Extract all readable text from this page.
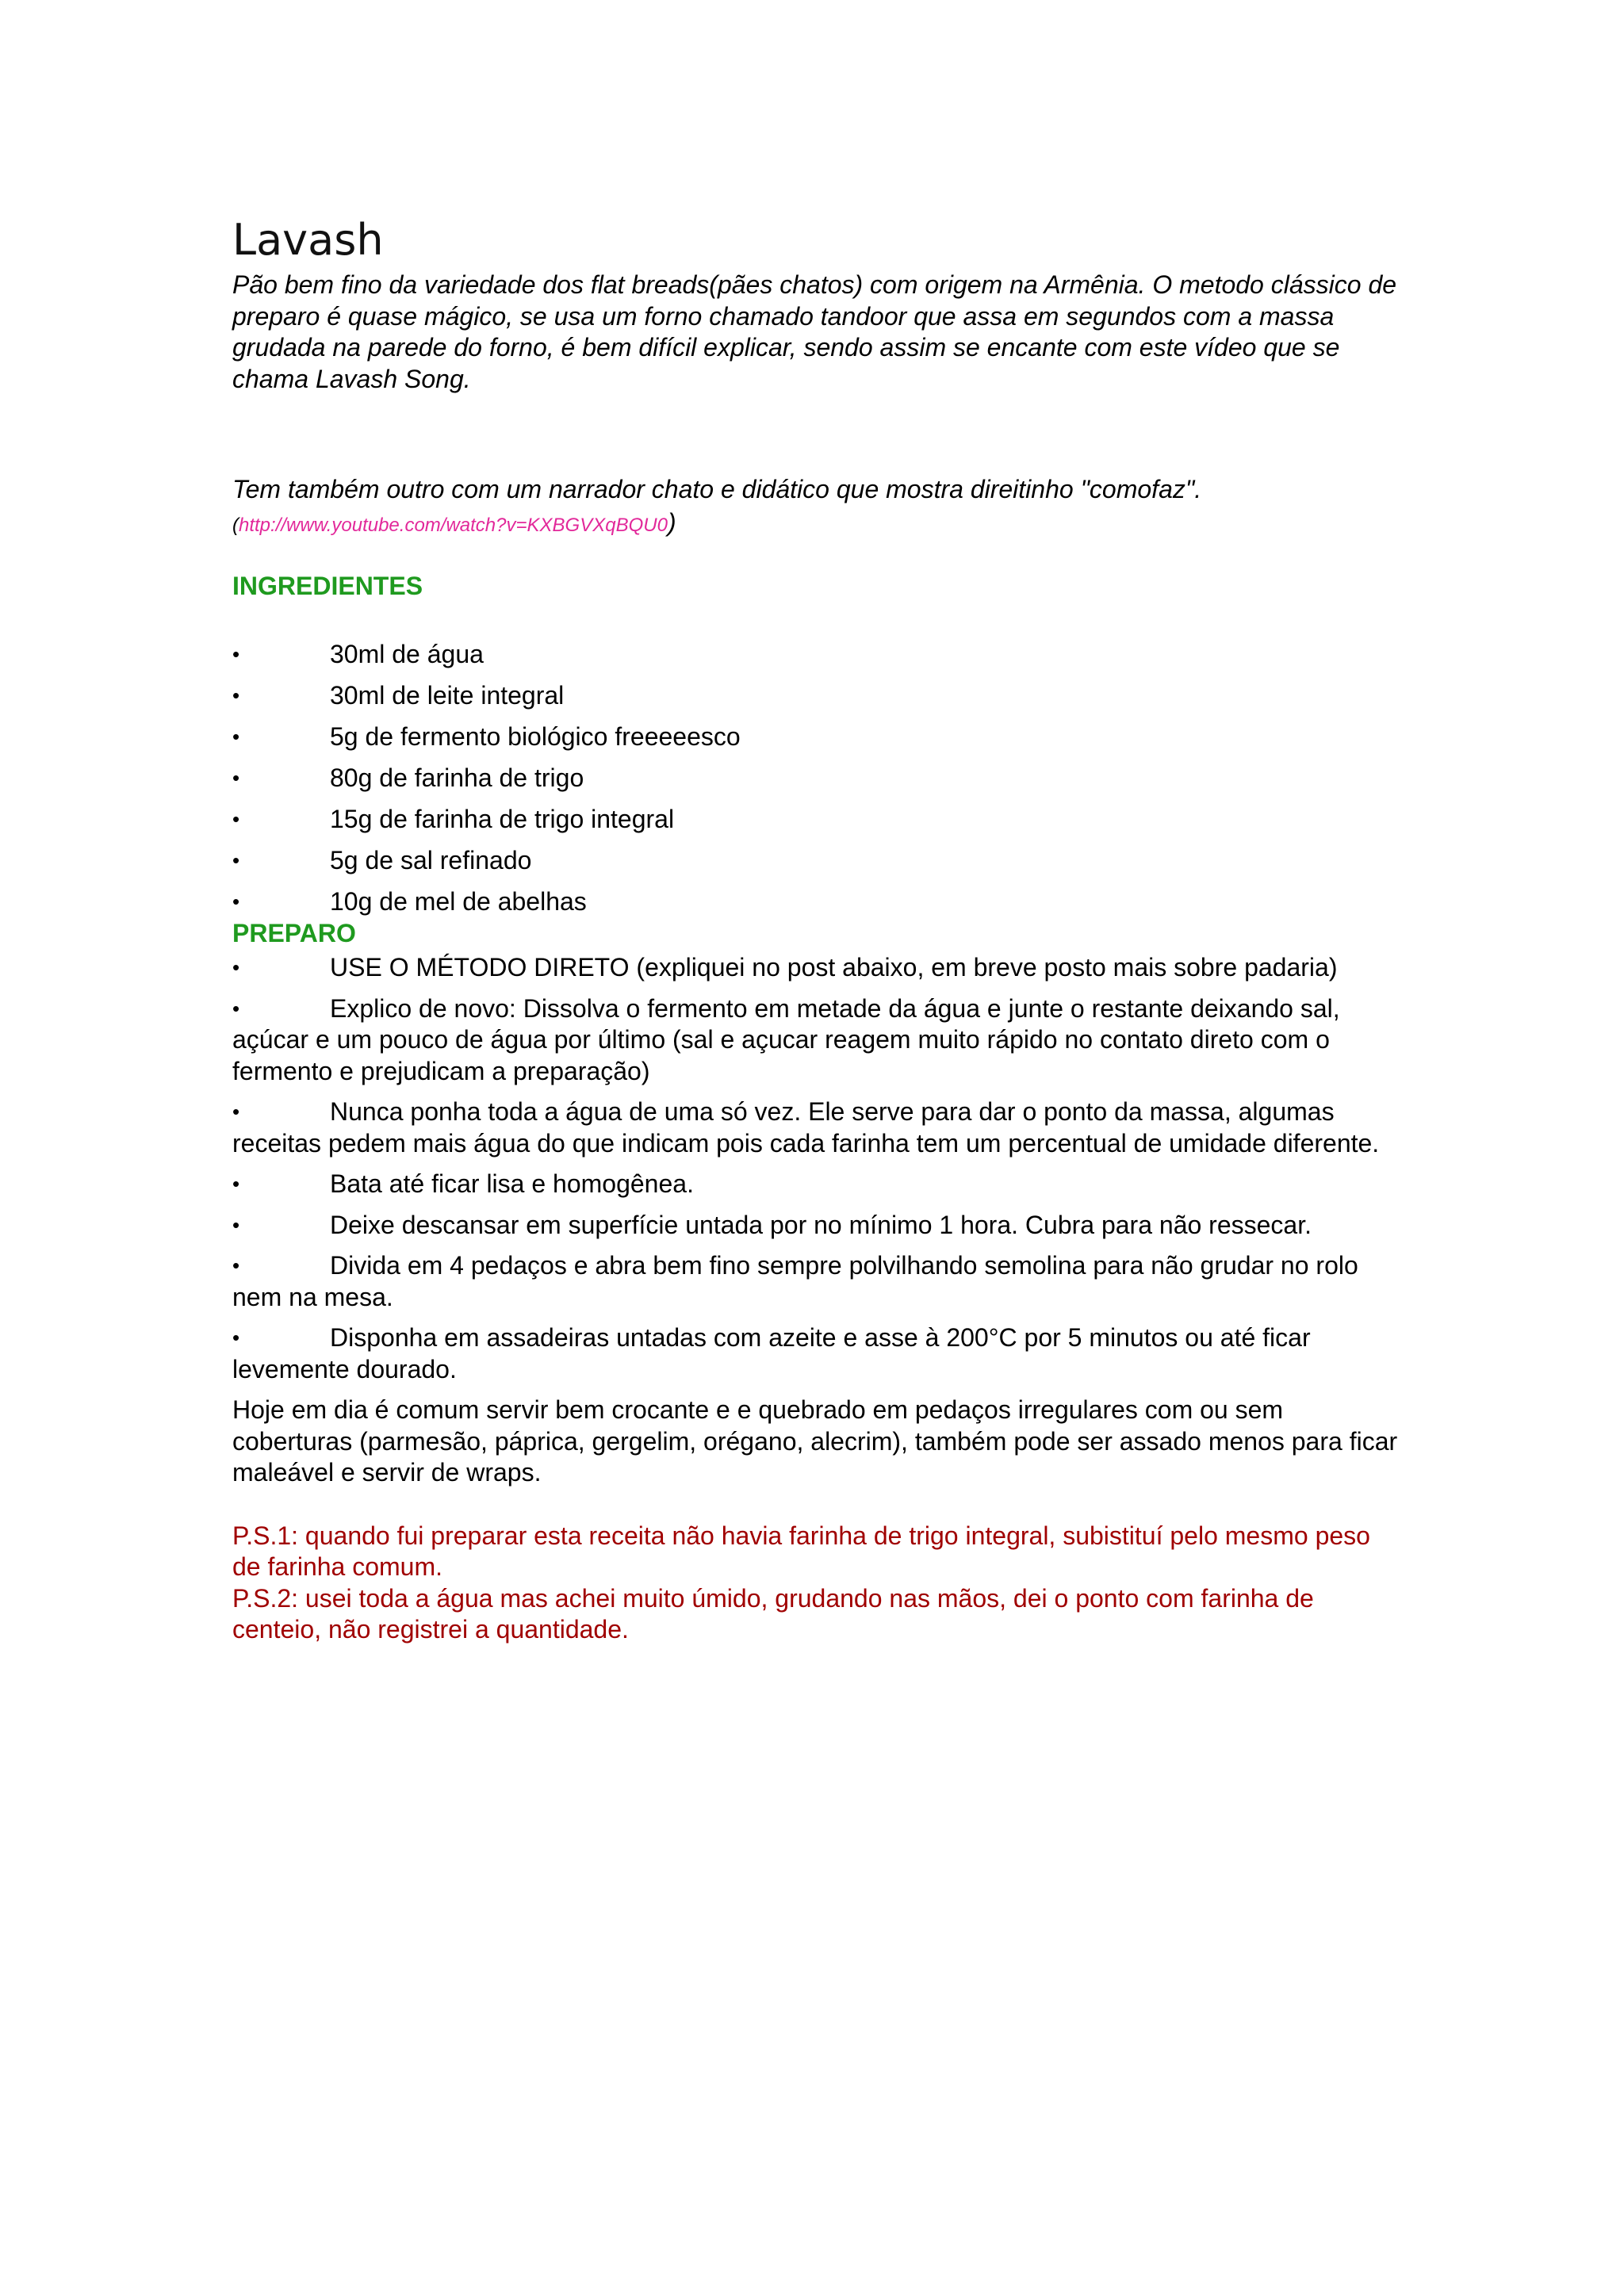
Lavash

Pão bem fino da variedade dos flat breads(pães chatos) com origem na Armênia. O metodo clássico de preparo é quase mágico, se usa um forno chamado tandoor que assa em segundos com a massa grudada na parede do forno, é bem difícil explicar, sendo assim se encante com este vídeo que se chama Lavash Song.

Tem também outro com um narrador chato e didático que mostra direitinho "comofaz". (http://www.youtube.com/watch?v=KXBGVXqBQU0)

INGREDIENTES
•	30ml de água
•	30ml de leite integral
•	5g de fermento biológico freeeeesco
•	80g de farinha de trigo
•	15g de farinha de trigo integral
•	5g de sal refinado
•	10g de mel de abelhas
PREPARO

•	USE O MÉTODO DIRETO (expliquei no post abaixo, em breve posto mais sobre padaria)

•	Explico de novo: Dissolva o fermento em metade da água e junte o restante deixando sal, açúcar e um pouco de água por último (sal e açucar reagem muito rápido no contato direto com o fermento e prejudicam a preparação)

•	Nunca ponha toda a água de uma só vez. Ele serve para dar o ponto da massa, algumas receitas pedem mais água do que indicam pois cada farinha tem um percentual de umidade diferente.

•	Bata até ficar lisa e homogênea.

•	Deixe descansar em superfície untada por no mínimo 1 hora. Cubra para não ressecar.

•	Divida em 4 pedaços e abra bem fino sempre polvilhando semolina para não grudar no rolo nem na mesa.

•	Disponha em assadeiras untadas com azeite e asse à 200°C por 5 minutos ou até ficar levemente dourado.

Hoje em dia é comum servir bem crocante e e quebrado em pedaços irregulares com ou sem coberturas (parmesão, páprica, gergelim, orégano, alecrim), também pode ser assado menos para ficar maleável e servir de wraps.

P.S.1: quando fui preparar esta receita não havia farinha de trigo integral, subistituí pelo mesmo peso de farinha comum.

P.S.2: usei toda a água mas achei muito úmido, grudando nas mãos, dei o ponto com farinha de centeio, não registrei a quantidade.
